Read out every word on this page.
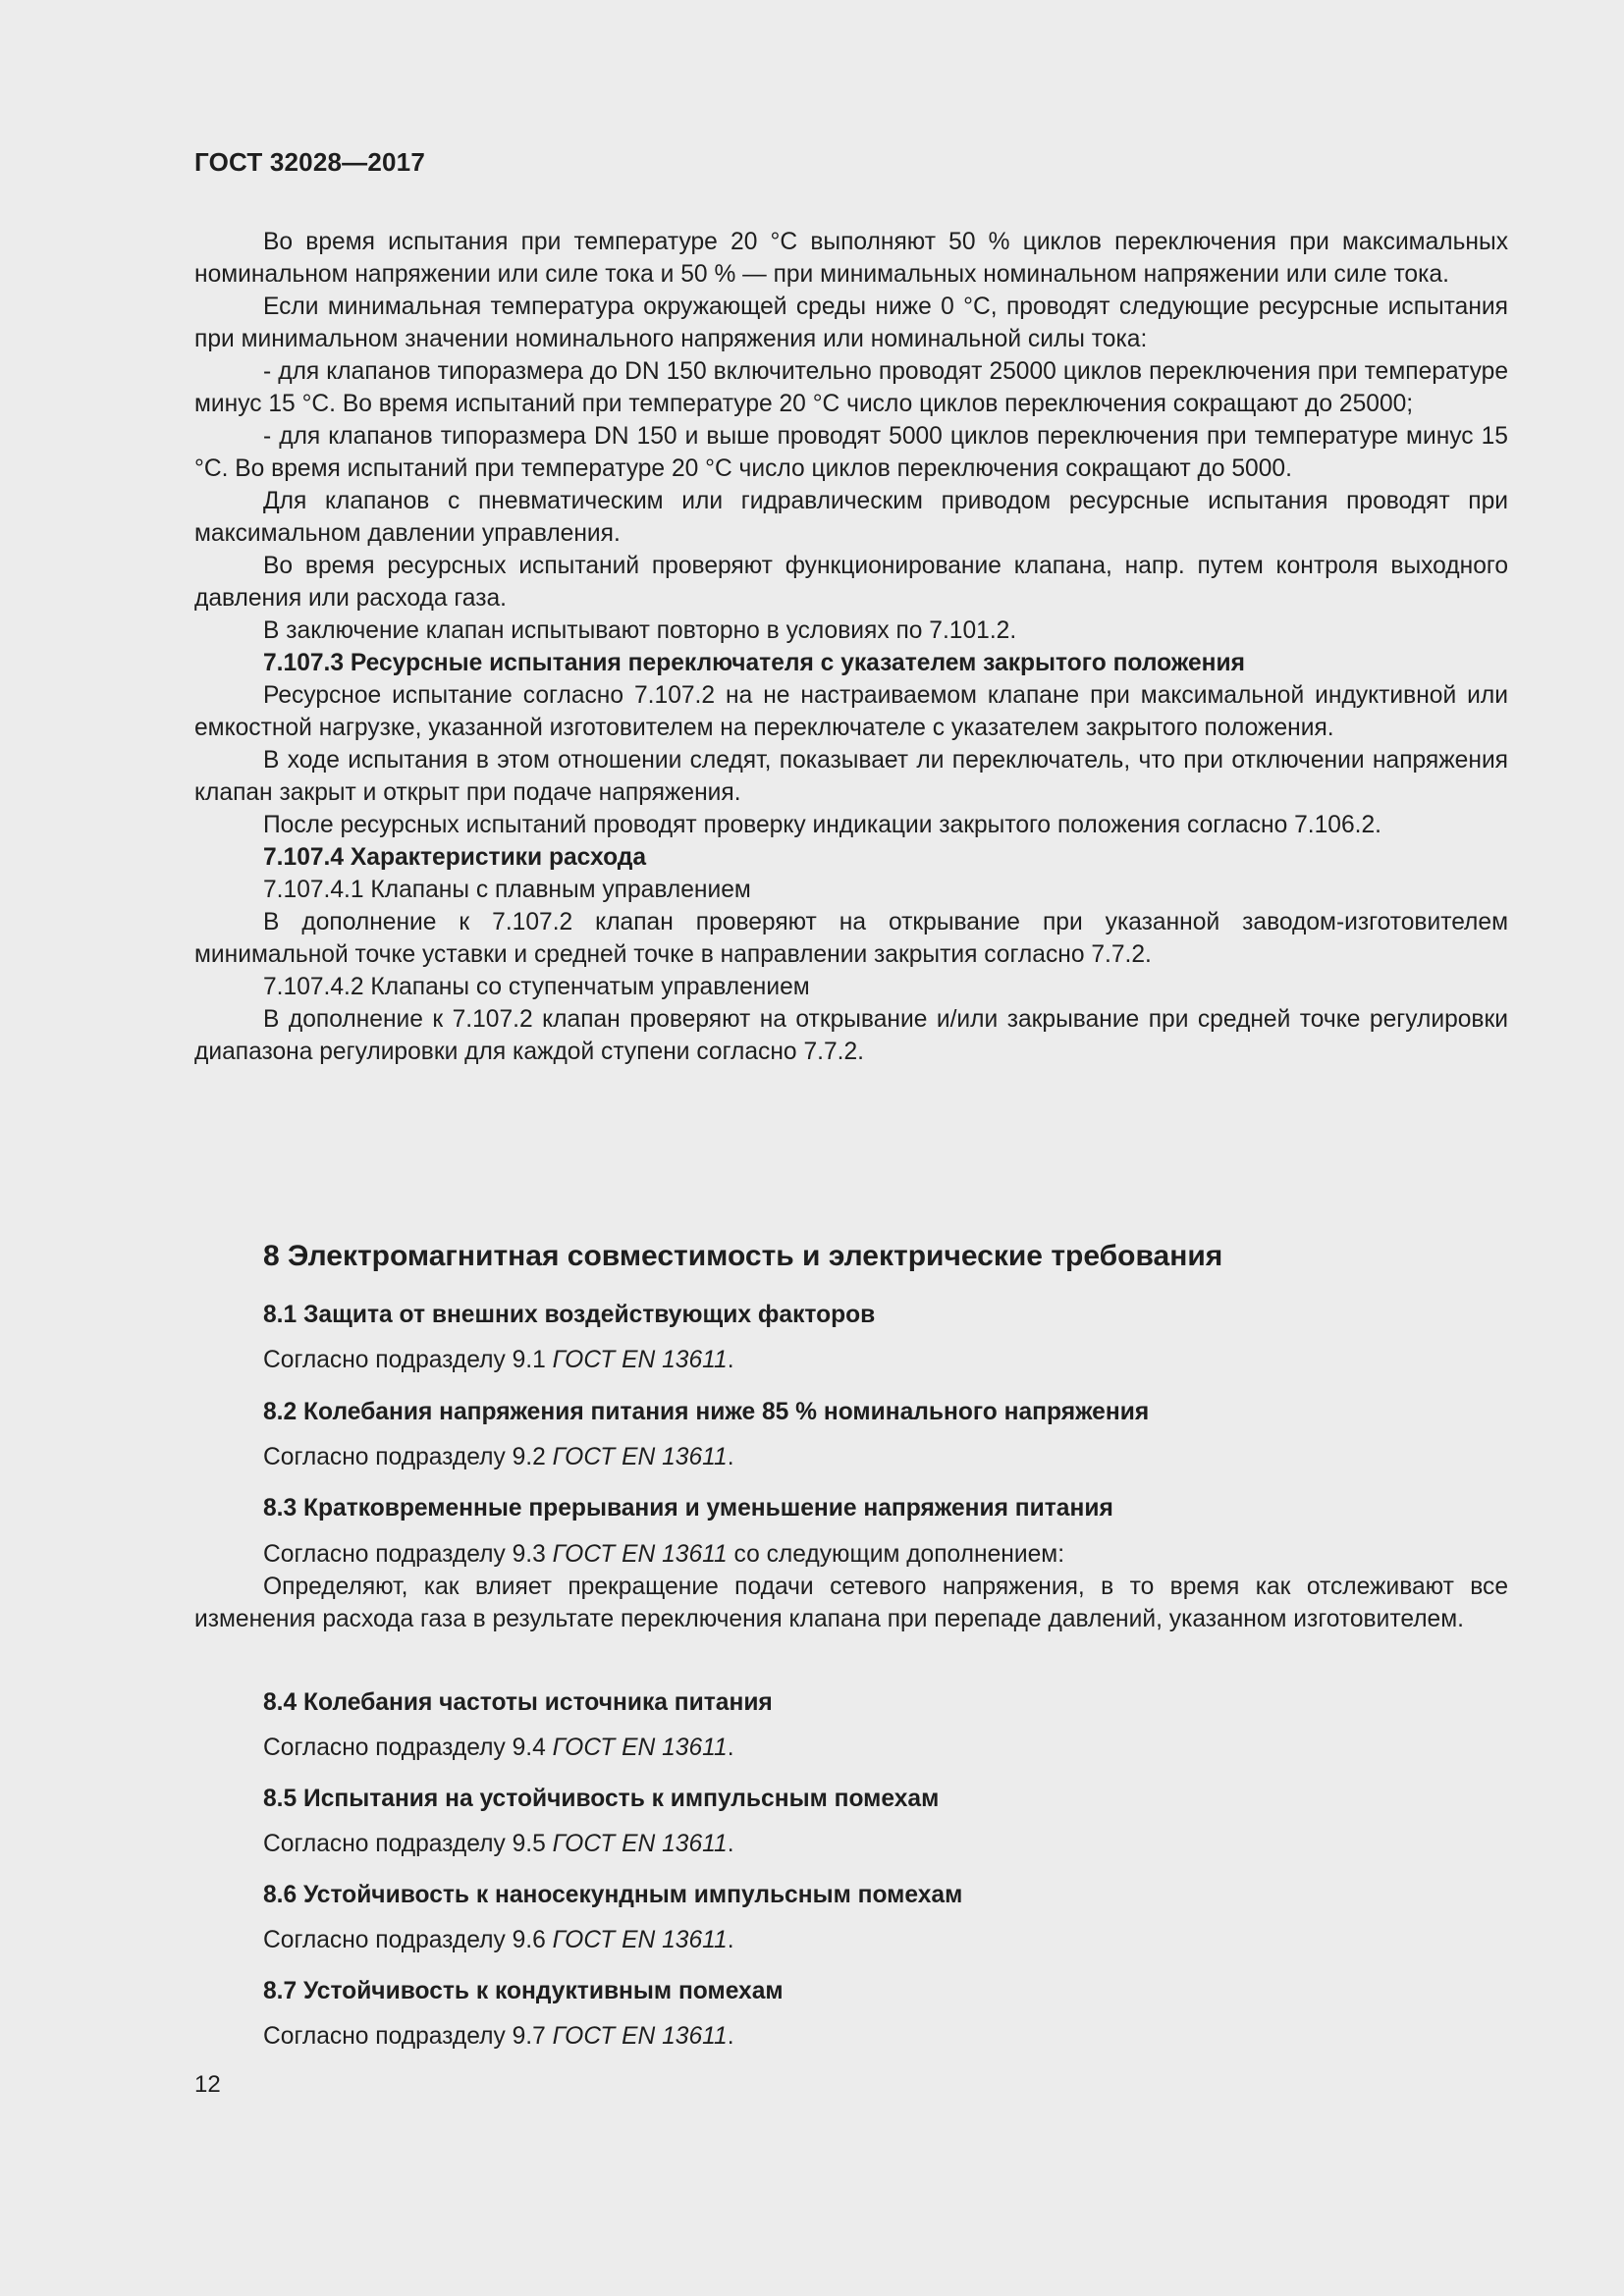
ГОСТ 32028—2017

Во время испытания при температуре 20 °С выполняют 50 % циклов переключения при максимальных номинальном напряжении или силе тока и 50 % — при минимальных номинальном напряжении или силе тока.

Если минимальная температура окружающей среды ниже 0 °С, проводят следующие ресурсные испытания при минимальном значении номинального напряжения или номинальной силы тока:

- для клапанов типоразмера до DN 150 включительно проводят 25000 циклов переключения при температуре минус 15 °С. Во время испытаний при температуре 20 °С число циклов переключения сокращают до 25000;

- для клапанов типоразмера DN 150 и выше проводят 5000 циклов переключения при температуре минус 15 °С. Во время испытаний при температуре 20 °С число циклов переключения сокращают до 5000.

Для клапанов с пневматическим или гидравлическим приводом ресурсные испытания проводят при максимальном давлении управления.

Во время ресурсных испытаний проверяют функционирование клапана, напр. путем контроля выходного давления или расхода газа.

В заключение клапан испытывают повторно в условиях по 7.101.2.

7.107.3 Ресурсные испытания переключателя с указателем закрытого положения

Ресурсное испытание согласно 7.107.2 на не настраиваемом клапане при максимальной индуктивной или емкостной нагрузке, указанной изготовителем на переключателе с указателем закрытого положения.

В ходе испытания в этом отношении следят, показывает ли переключатель, что при отключении напряжения клапан закрыт и открыт при подаче напряжения.

После ресурсных испытаний проводят проверку индикации закрытого положения согласно 7.106.2.

7.107.4 Характеристики расхода

7.107.4.1 Клапаны с плавным управлением

В дополнение к 7.107.2 клапан проверяют на открывание при указанной заводом-изготовителем минимальной точке уставки и средней точке в направлении закрытия согласно 7.7.2.

7.107.4.2 Клапаны со ступенчатым управлением

В дополнение к 7.107.2 клапан проверяют на открывание и/или закрывание при средней точке регулировки диапазона регулировки для каждой ступени согласно 7.7.2.

8 Электромагнитная совместимость и электрические требования

8.1 Защита от внешних воздействующих факторов

Согласно подразделу 9.1 ГОСТ EN 13611.

8.2 Колебания напряжения питания ниже 85 % номинального напряжения

Согласно подразделу 9.2 ГОСТ EN 13611.

8.3 Кратковременные прерывания и уменьшение напряжения питания

Согласно подразделу 9.3 ГОСТ EN 13611 со следующим дополнением:

Определяют, как влияет прекращение подачи сетевого напряжения, в то время как отслеживают все изменения расхода газа в результате переключения клапана при перепаде давлений, указанном изготовителем.

8.4 Колебания частоты источника питания

Согласно подразделу 9.4 ГОСТ EN 13611.

8.5 Испытания на устойчивость к импульсным помехам

Согласно подразделу 9.5 ГОСТ EN 13611.

8.6 Устойчивость к наносекундным импульсным помехам

Согласно подразделу 9.6 ГОСТ EN 13611.

8.7 Устойчивость к кондуктивным помехам

Согласно подразделу 9.7 ГОСТ EN 13611.

12
